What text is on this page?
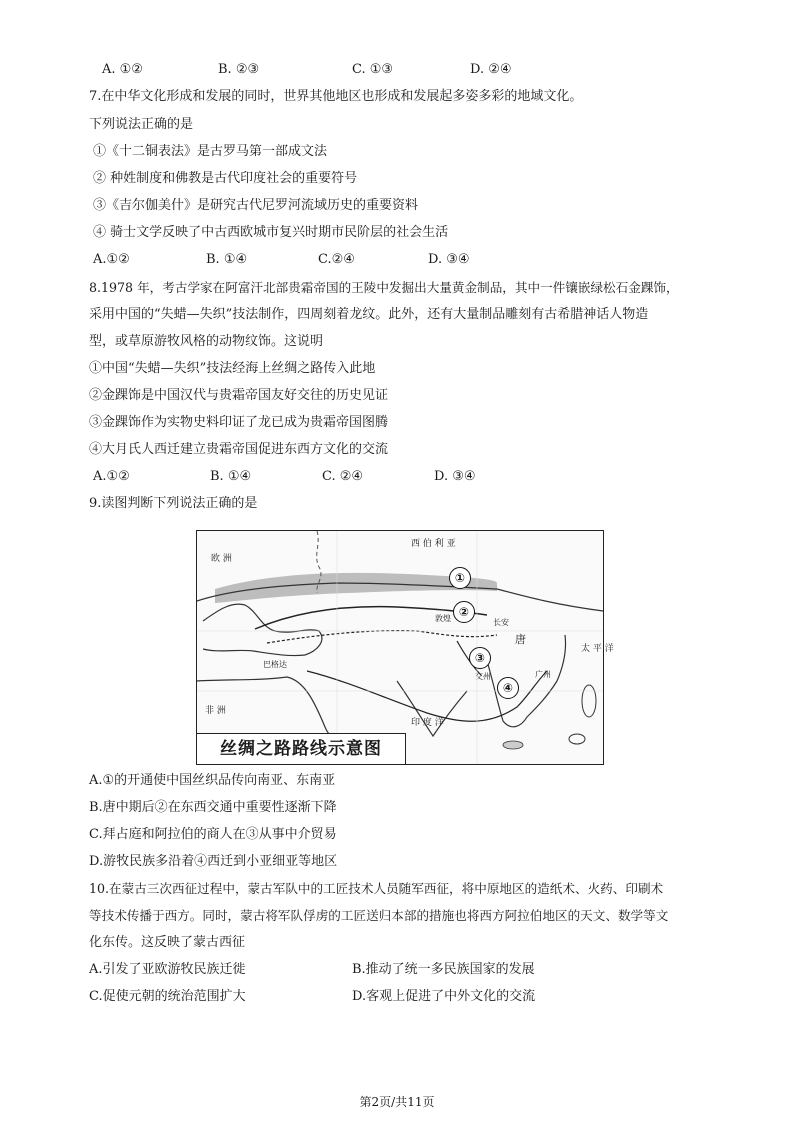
A. ①②	B. ②③	C. ①③	D. ②④
7.在中华文化形成和发展的同时，世界其他地区也形成和发展起多姿多彩的地域文化。
下列说法正确的是
①《十二铜表法》是古罗马第一部成文法
② 种姓制度和佛教是古代印度社会的重要符号
③《吉尔伽美什》是研究古代尼罗河流域历史的重要资料
④ 骑士文学反映了中古西欧城市复兴时期市民阶层的社会生活
A.①②	B. ①④	C.②④	D. ③④
8.1978 年，考古学家在阿富汗北部贵霜帝国的王陵中发掘出大量黄金制品，其中一件镶嵌绿松石金踝饰，
采用中国的“失蜡—失织”技法制作，四周刻着龙纹。此外，还有大量制品雕刻有古希腊神话人物造
型，或草原游牧风格的动物纹饰。这说明
①中国“失蜡—失织”技法经海上丝绸之路传入此地
②金踝饰是中国汉代与贵霜帝国友好交往的历史见证
③金踝饰作为实物史料印证了龙已成为贵霜帝国图腾
④大月氏人西迁建立贵霜帝国促进东西方文化的交流
A.①②	B. ①④	C. ②④	D. ③④
9.读图判断下列说法正确的是
西 伯 利 亚
欧 洲
非 洲
印 度 洋
唐
长安
广州
交州
太 平 洋
巴格达
敦煌
①
②
③
④
丝绸之路路线示意图
A.①的开通使中国丝织品传向南亚、东南亚
B.唐中期后②在东西交通中重要性逐渐下降
C.拜占庭和阿拉伯的商人在③从事中介贸易
D.游牧民族多沿着④西迁到小亚细亚等地区
10.在蒙古三次西征过程中，蒙古军队中的工匠技术人员随军西征，将中原地区的造纸术、火药、印刷术
等技术传播于西方。同时，蒙古将军队俘虏的工匠送归本部的措施也将西方阿拉伯地区的天文、数学等文
化东传。这反映了蒙古西征
A.引发了亚欧游牧民族迁徙	B.推动了统一多民族国家的发展
C.促使元朝的统治范围扩大	D.客观上促进了中外文化的交流
第2页/共11页
